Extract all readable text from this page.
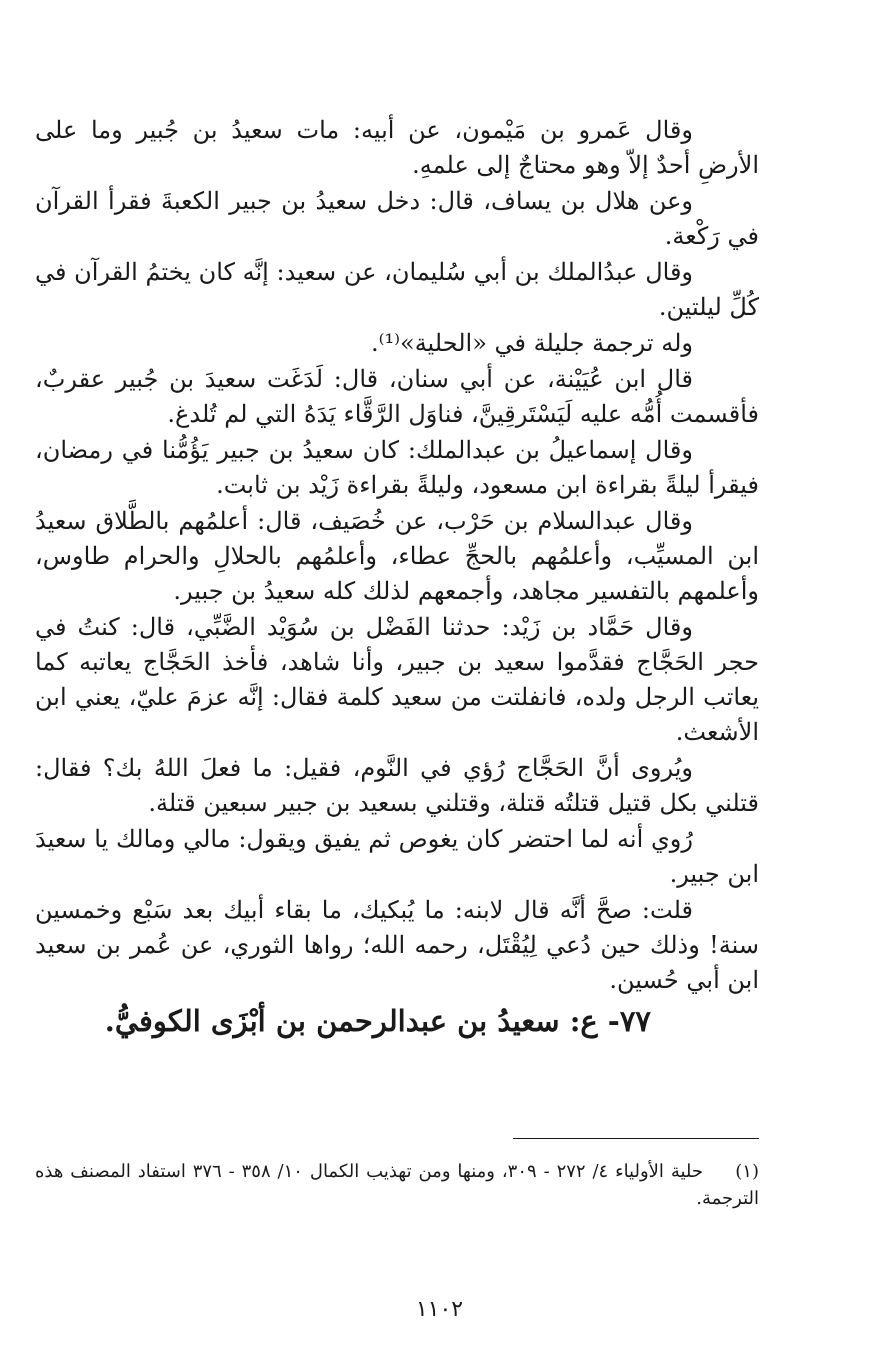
وقال عَمرو بن مَيْمون، عن أبيه: مات سعيدُ بن جُبير وما على الأرضِ أحدٌ إلاّ وهو محتاجٌ إلى علمهِ.

وعن هلال بن يساف، قال: دخل سعيدُ بن جبير الكعبةَ فقرأ القرآن في رَكْعة.

وقال عبدُالملك بن أبي سُليمان، عن سعيد: إنَّه كان يختمُ القرآن في كُلِّ ليلتين.

وله ترجمة جليلة في «الحلية»⁽¹⁾.

قال ابن عُيَيْنة، عن أبي سنان، قال: لَدَغَت سعيدَ بن جُبير عقربٌ، فأقسمت أُمُّه عليه لَيَسْتَرقِينَّ، فناوَل الرَّقَّاء يَدَهُ التي لم تُلدغ.

وقال إسماعيلُ بن عبدالملك: كان سعيدُ بن جبير يَؤُمُّنا في رمضان، فيقرأ ليلةً بقراءة ابن مسعود، وليلةً بقراءة زَيْد بن ثابت.

وقال عبدالسلام بن حَرْب، عن خُصَيف، قال: أعلمُهم بالطَّلاق سعيدُ ابن المسيِّب، وأعلمُهم بالحجِّ عطاء، وأعلمُهم بالحلالِ والحرام طاوس، وأعلمهم بالتفسير مجاهد، وأجمعهم لذلك كله سعيدُ بن جبير.

وقال حَمَّاد بن زَيْد: حدثنا الفَضْل بن سُوَيْد الضَّبِّي، قال: كنتُ في حجر الحَجَّاج فقدَّموا سعيد بن جبير، وأنا شاهد، فأخذ الحَجَّاج يعاتبه كما يعاتب الرجل ولده، فانفلتت من سعيد كلمة فقال: إنَّه عزمَ عليّ، يعني ابن الأشعث.

ويُروى أنَّ الحَجَّاج رُؤي في النَّوم، فقيل: ما فعلَ اللهُ بك؟ فقال: قتلني بكل قتيل قتلتُه قتلة، وقتلني بسعيد بن جبير سبعين قتلة.

رُوي أنه لما احتضر كان يغوص ثم يفيق ويقول: مالي ومالك يا سعيدَ ابن جبير.

قلت: صحَّ أنَّه قال لابنه: ما يُبكيك، ما بقاء أبيك بعد سَبْع وخمسين سنة! وذلك حين دُعي لِيُقْتَل، رحمه الله؛ رواها الثوري، عن عُمر بن سعيد ابن أبي حُسين.

٧٧- ع: سعيدُ بن عبدالرحمن بن أبْزَى الكوفيُّ.

(١)حلية الأولياء ٤/ ٢٧٢ - ٣٠٩، ومنها ومن تهذيب الكمال ١٠/ ٣٥٨ - ٣٧٦ استفاد المصنف هذه الترجمة.
١١٠٢
